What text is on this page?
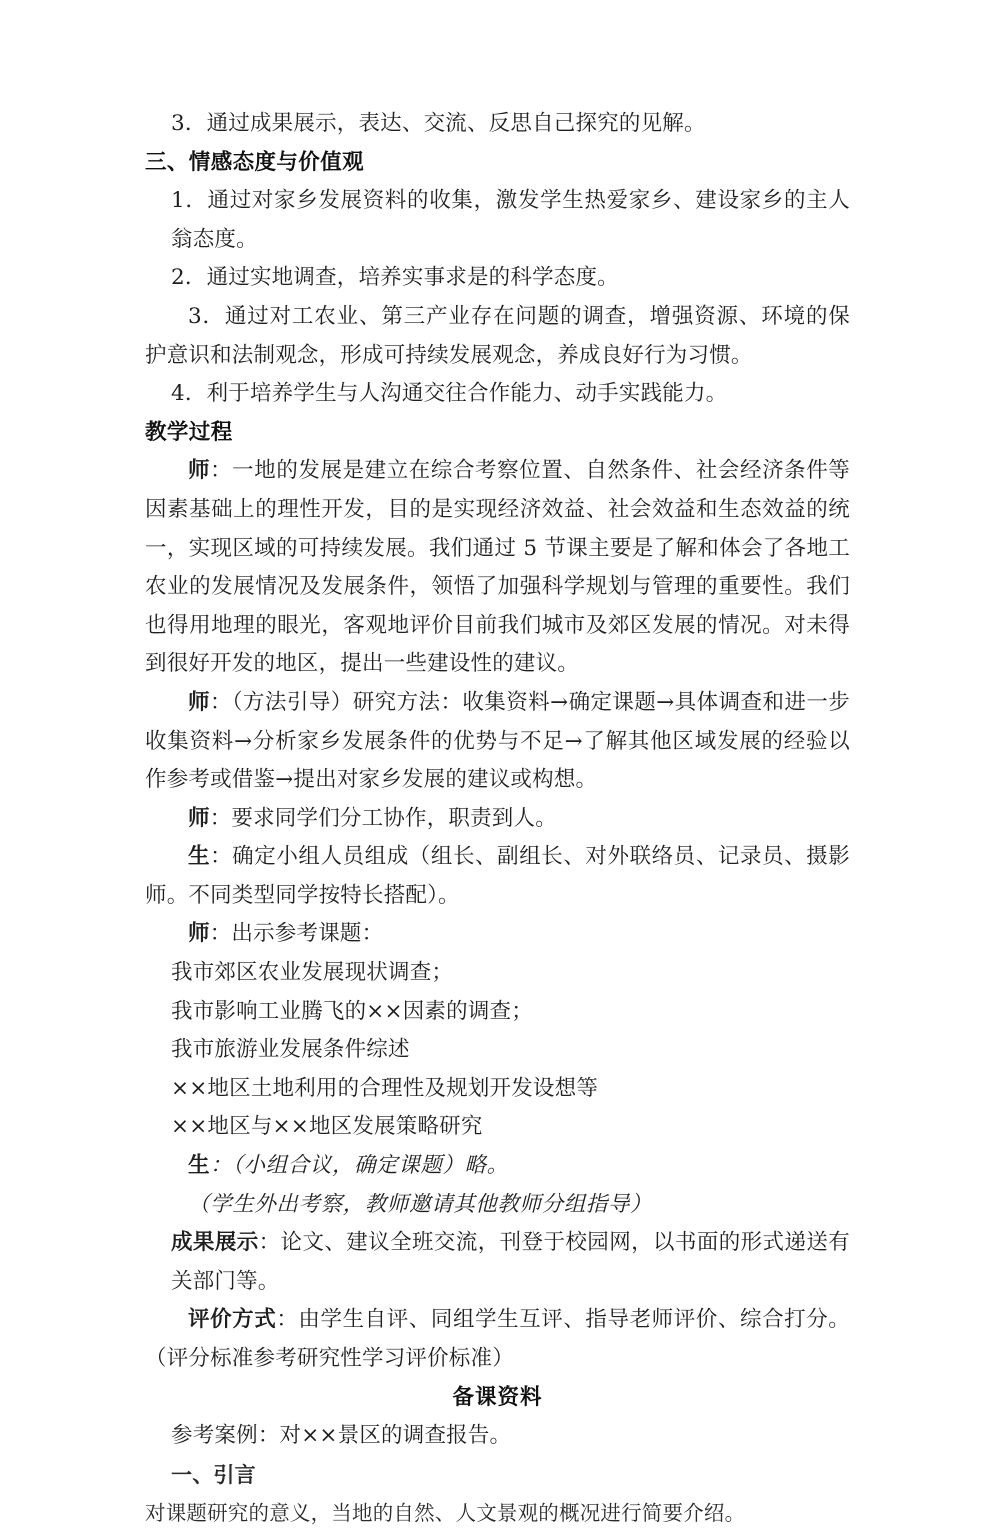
3．通过成果展示，表达、交流、反思自己探究的见解。

三、情感态度与价值观

1．通过对家乡发展资料的收集，激发学生热爱家乡、建设家乡的主人翁态度。

2．通过实地调查，培养实事求是的科学态度。

3．通过对工农业、第三产业存在问题的调查，增强资源、环境的保护意识和法制观念，形成可持续发展观念，养成良好行为习惯。

4．利于培养学生与人沟通交往合作能力、动手实践能力。

教学过程

师：一地的发展是建立在综合考察位置、自然条件、社会经济条件等因素基础上的理性开发，目的是实现经济效益、社会效益和生态效益的统一，实现区域的可持续发展。我们通过 5 节课主要是了解和体会了各地工农业的发展情况及发展条件，领悟了加强科学规划与管理的重要性。我们也得用地理的眼光，客观地评价目前我们城市及郊区发展的情况。对未得到很好开发的地区，提出一些建设性的建议。

师：（方法引导）研究方法：收集资料→确定课题→具体调查和进一步收集资料→分析家乡发展条件的优势与不足→了解其他区域发展的经验以作参考或借鉴→提出对家乡发展的建议或构想。

师：要求同学们分工协作，职责到人。

生：确定小组人员组成（组长、副组长、对外联络员、记录员、摄影师。不同类型同学按特长搭配）。

师：出示参考课题：

我市郊区农业发展现状调查；

我市影响工业腾飞的××因素的调查；

我市旅游业发展条件综述

××地区土地利用的合理性及规划开发设想等

××地区与××地区发展策略研究

生：（小组合议，确定课题）略。

（学生外出考察，教师邀请其他教师分组指导）

成果展示：论文、建议全班交流，刊登于校园网，以书面的形式递送有关部门等。

评价方式：由学生自评、同组学生互评、指导老师评价、综合打分。（评分标准参考研究性学习评价标准）

备课资料

参考案例：对××景区的调查报告。

一、引言

对课题研究的意义，当地的自然、人文景观的概况进行简要介绍。
